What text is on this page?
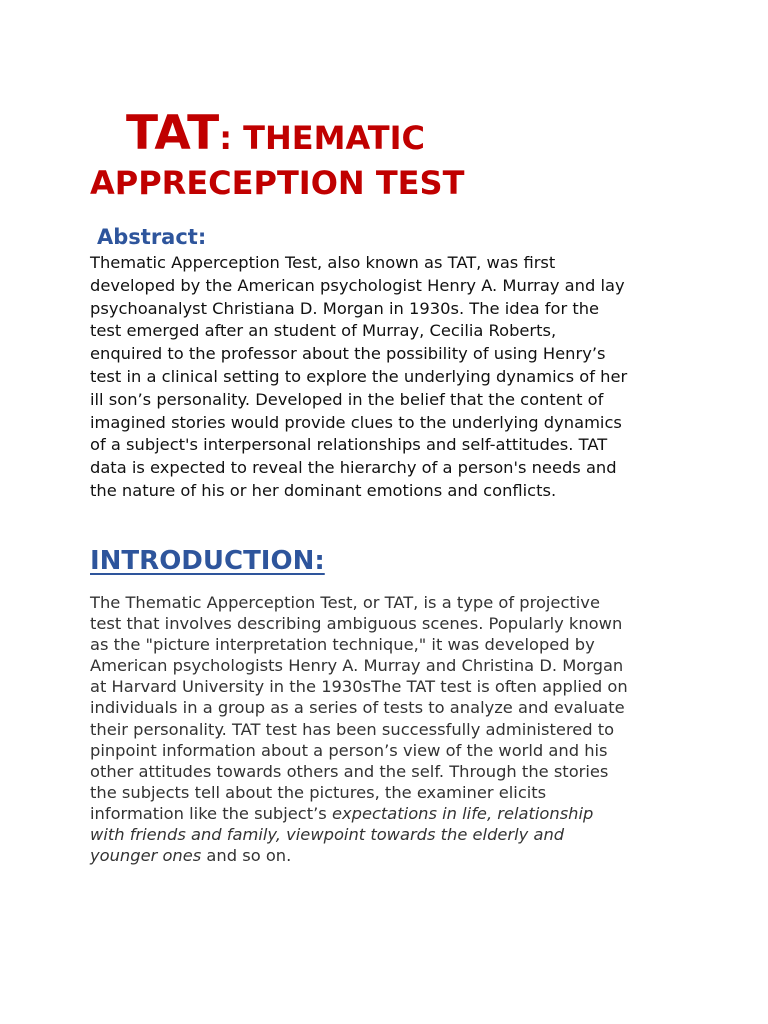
TAT: THEMATIC
APPRECEPTION TEST
Abstract:
Thematic Apperception Test, also known as TAT, was first
developed by the American psychologist Henry A. Murray and lay
psychoanalyst Christiana D. Morgan in 1930s. The idea for the
test emerged after an student of Murray, Cecilia Roberts,
enquired to the professor about the possibility of using Henry’s
test in a clinical setting to explore the underlying dynamics of her
ill son’s personality. Developed in the belief that the content of
imagined stories would provide clues to the underlying dynamics
of a subject's interpersonal relationships and self-attitudes. TAT
data is expected to reveal the hierarchy of a person's needs and
the nature of his or her dominant emotions and conflicts.
INTRODUCTION:
The Thematic Apperception Test, or TAT, is a type of projective
test that involves describing ambiguous scenes. Popularly known
as the "picture interpretation technique," it was developed by
American psychologists Henry A. Murray and Christina D. Morgan
at Harvard University in the 1930sThe TAT test is often applied on
individuals in a group as a series of tests to analyze and evaluate
their personality. TAT test has been successfully administered to
pinpoint information about a person’s view of the world and his
other attitudes towards others and the self. Through the stories
the subjects tell about the pictures, the examiner elicits
information like the subject’s expectations in life, relationship
with friends and family, viewpoint towards the elderly and
younger ones and so on.
